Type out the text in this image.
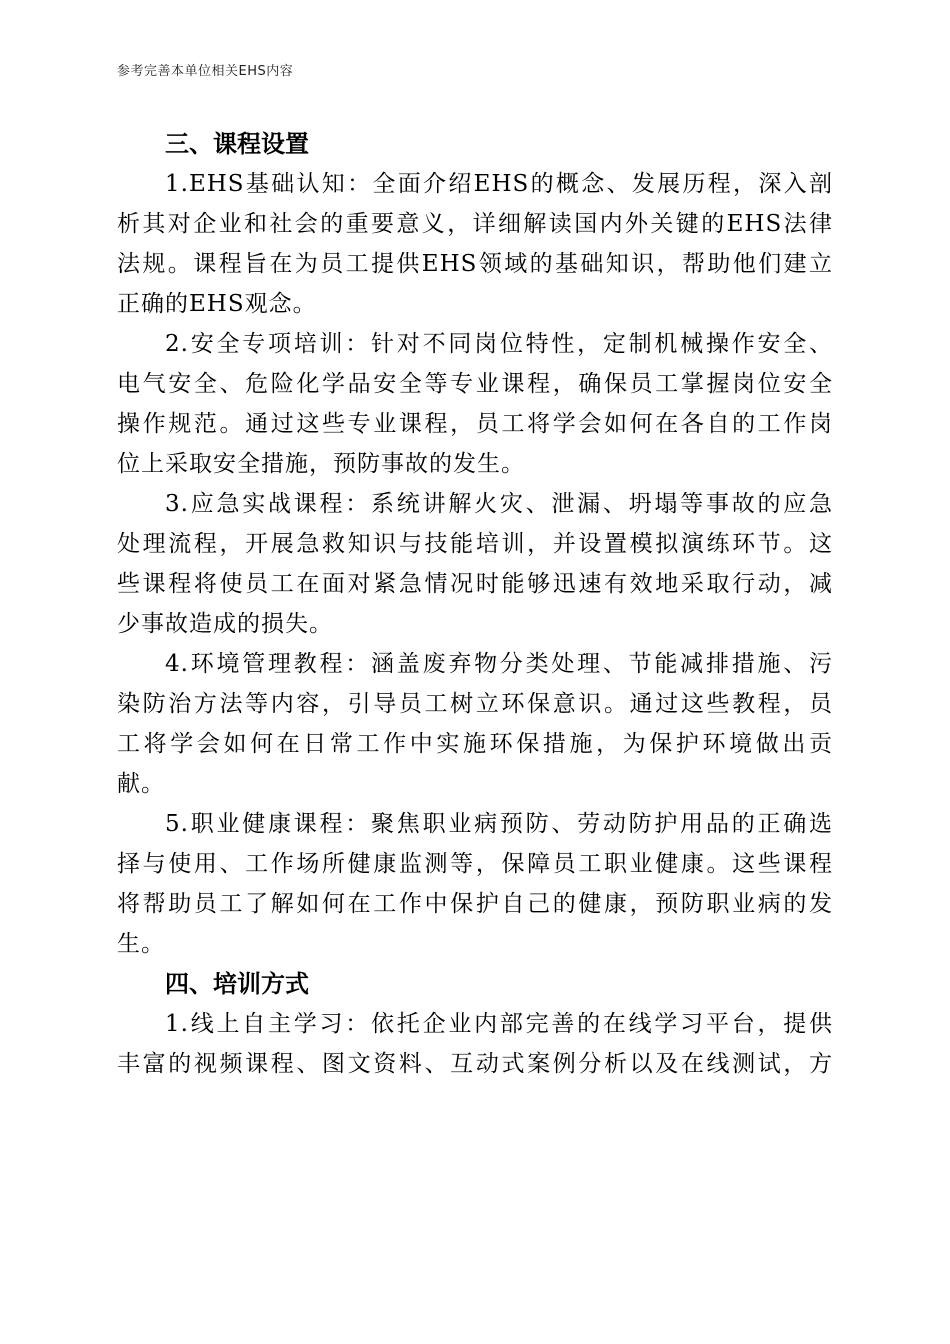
参考完善本单位相关EHS内容
三、课程设置
1.EHS基础认知：全面介绍EHS的概念、发展历程，深入剖
析其对企业和社会的重要意义，详细解读国内外关键的EHS法律
法规。课程旨在为员工提供EHS领域的基础知识，帮助他们建立
正确的EHS观念。
2.安全专项培训：针对不同岗位特性，定制机械操作安全、
电气安全、危险化学品安全等专业课程，确保员工掌握岗位安全
操作规范。通过这些专业课程，员工将学会如何在各自的工作岗
位上采取安全措施，预防事故的发生。
3.应急实战课程：系统讲解火灾、泄漏、坍塌等事故的应急
处理流程，开展急救知识与技能培训，并设置模拟演练环节。这
些课程将使员工在面对紧急情况时能够迅速有效地采取行动，减
少事故造成的损失。
4.环境管理教程：涵盖废弃物分类处理、节能减排措施、污
染防治方法等内容，引导员工树立环保意识。通过这些教程，员
工将学会如何在日常工作中实施环保措施，为保护环境做出贡
献。
5.职业健康课程：聚焦职业病预防、劳动防护用品的正确选
择与使用、工作场所健康监测等，保障员工职业健康。这些课程
将帮助员工了解如何在工作中保护自己的健康，预防职业病的发
生。
四、培训方式
1.线上自主学习：依托企业内部完善的在线学习平台，提供
丰富的视频课程、图文资料、互动式案例分析以及在线测试，方
